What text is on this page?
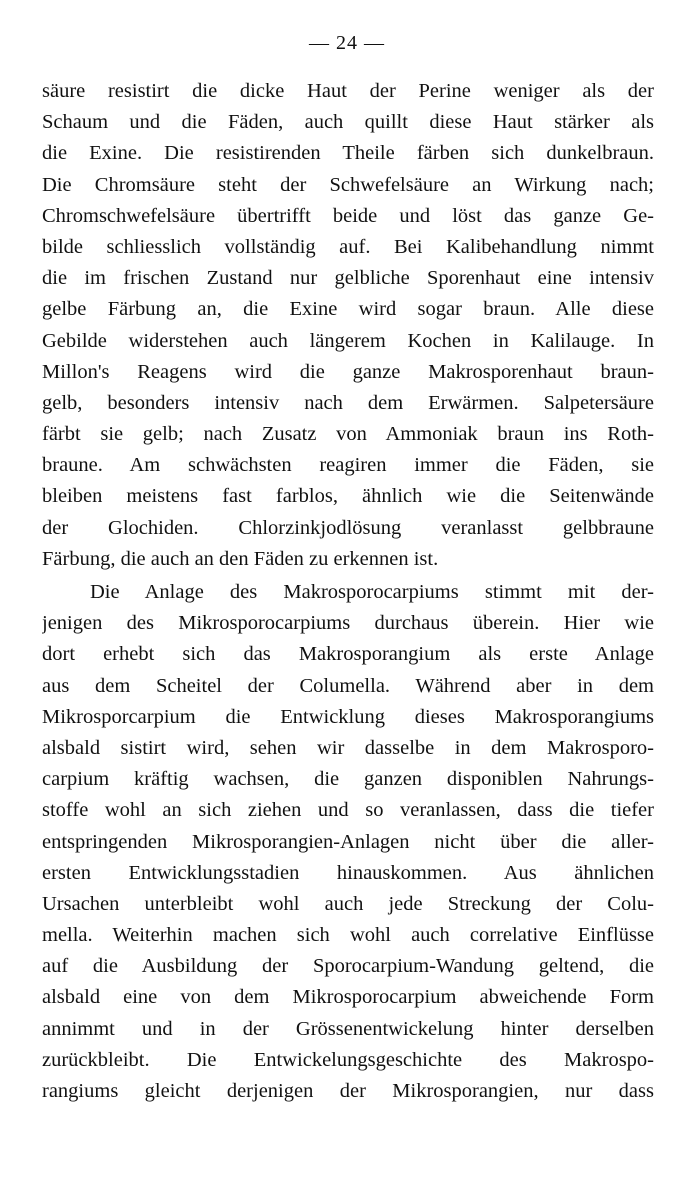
— 24 —
säure resistirt die dicke Haut der Perine weniger als der
Schaum und die Fäden, auch quillt diese Haut stärker als
die Exine. Die resistirenden Theile färben sich dunkelbraun.
Die Chromsäure steht der Schwefelsäure an Wirkung nach;
Chromschwefelsäure übertrifft beide und löst das ganze Ge-
bilde schliesslich vollständig auf. Bei Kalibehandlung nimmt
die im frischen Zustand nur gelbliche Sporenhaut eine intensiv
gelbe Färbung an, die Exine wird sogar braun. Alle diese
Gebilde widerstehen auch längerem Kochen in Kalilauge. In
Millon's Reagens wird die ganze Makrosporenhaut braun-
gelb, besonders intensiv nach dem Erwärmen. Salpetersäure
färbt sie gelb; nach Zusatz von Ammoniak braun ins Roth-
braune. Am schwächsten reagiren immer die Fäden, sie
bleiben meistens fast farblos, ähnlich wie die Seitenwände
der Glochiden. Chlorzinkjodlösung veranlasst gelbbraune
Färbung, die auch an den Fäden zu erkennen ist.
Die Anlage des Makrosporocarpiums stimmt mit der-
jenigen des Mikrosporocarpiums durchaus überein. Hier wie
dort erhebt sich das Makrosporangium als erste Anlage
aus dem Scheitel der Columella. Während aber in dem
Mikrosporcarpium die Entwicklung dieses Makrosporangiums
alsbald sistirt wird, sehen wir dasselbe in dem Makrosporo-
carpium kräftig wachsen, die ganzen disponiblen Nahrungs-
stoffe wohl an sich ziehen und so veranlassen, dass die tiefer
entspringenden Mikrosporangien-Anlagen nicht über die aller-
ersten Entwicklungsstadien hinauskommen. Aus ähnlichen
Ursachen unterbleibt wohl auch jede Streckung der Colu-
mella. Weiterhin machen sich wohl auch correlative Einflüsse
auf die Ausbildung der Sporocarpium-Wandung geltend, die
alsbald eine von dem Mikrosporocarpium abweichende Form
annimmt und in der Grössenentwickelung hinter derselben
zurückbleibt. Die Entwickelungsgeschichte des Makrospo-
rangiums gleicht derjenigen der Mikrosporangien, nur dass
